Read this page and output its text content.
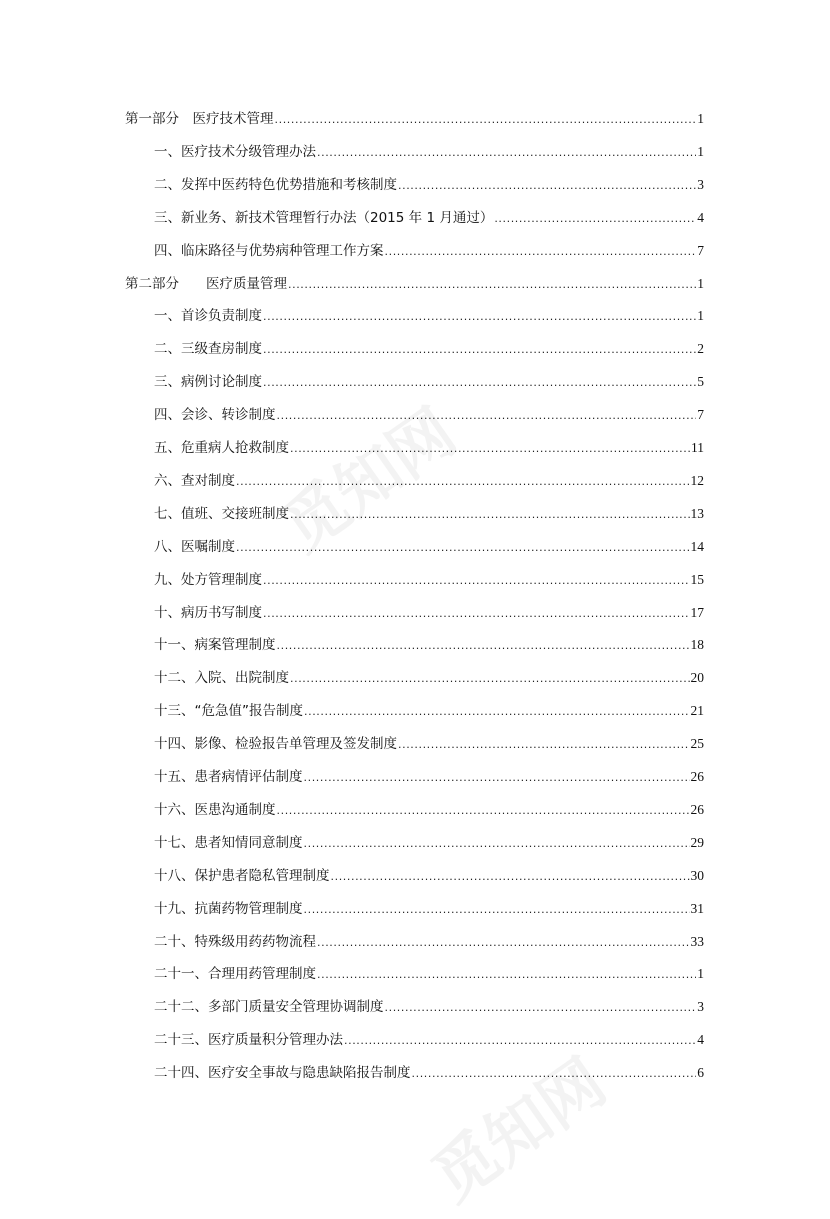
觅知网
觅知网
第一部分　医疗技术管理 .....	1
一、医疗技术分级管理办法 .....	1
二、发挥中医药特色优势措施和考核制度 .....	3
三、新业务、新技术管理暂行办法（2015 年 1 月通过） .....	4
四、临床路径与优势病种管理工作方案 .....	7
第二部分　　医疗质量管理 .....	1
一、首诊负责制度 .....	1
二、三级查房制度 .....	2
三、病例讨论制度 .....	5
四、会诊、转诊制度 .....	7
五、危重病人抢救制度 .....	11
六、查对制度 .....	12
七、值班、交接班制度 .....	13
八、医嘱制度 .....	14
九、处方管理制度 .....	15
十、病历书写制度 .....	17
十一、病案管理制度 .....	18
十二、入院、出院制度 .....	20
十三、“危急值”报告制度 .....	21
十四、影像、检验报告单管理及签发制度 .....	25
十五、患者病情评估制度 .....	26
十六、医患沟通制度 .....	26
十七、患者知情同意制度 .....	29
十八、保护患者隐私管理制度 .....	30
十九、抗菌药物管理制度 .....	31
二十、特殊级用药药物流程 .....	33
二十一、合理用药管理制度 .....	1
二十二、多部门质量安全管理协调制度 .....	3
二十三、医疗质量积分管理办法 .....	4
二十四、医疗安全事故与隐患缺陷报告制度 .....	6
